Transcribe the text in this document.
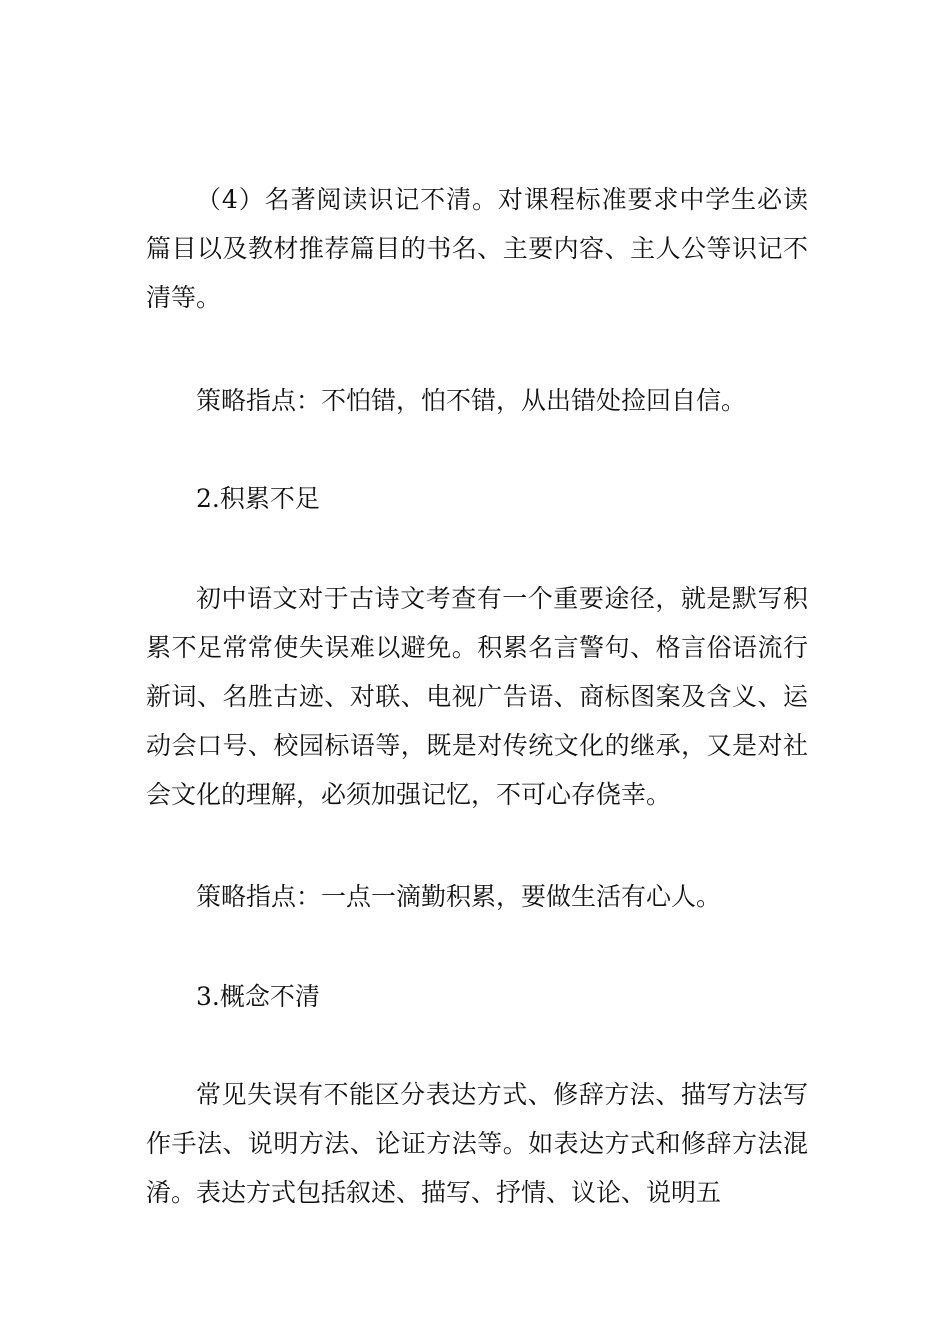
（4）名著阅读识记不清。对课程标准要求中学生必读篇目以及教材推荐篇目的书名、主要内容、主人公等识记不清等。

策略指点：不怕错，怕不错，从出错处捡回自信。

2.积累不足

初中语文对于古诗文考查有一个重要途径，就是默写积累不足常常使失误难以避免。积累名言警句、格言俗语流行新词、名胜古迹、对联、电视广告语、商标图案及含义、运动会口号、校园标语等，既是对传统文化的继承，又是对社会文化的理解，必须加强记忆，不可心存侥幸。

策略指点：一点一滴勤积累，要做生活有心人。

3.概念不清

常见失误有不能区分表达方式、修辞方法、描写方法写作手法、说明方法、论证方法等。如表达方式和修辞方法混淆。表达方式包括叙述、描写、抒情、议论、说明五
